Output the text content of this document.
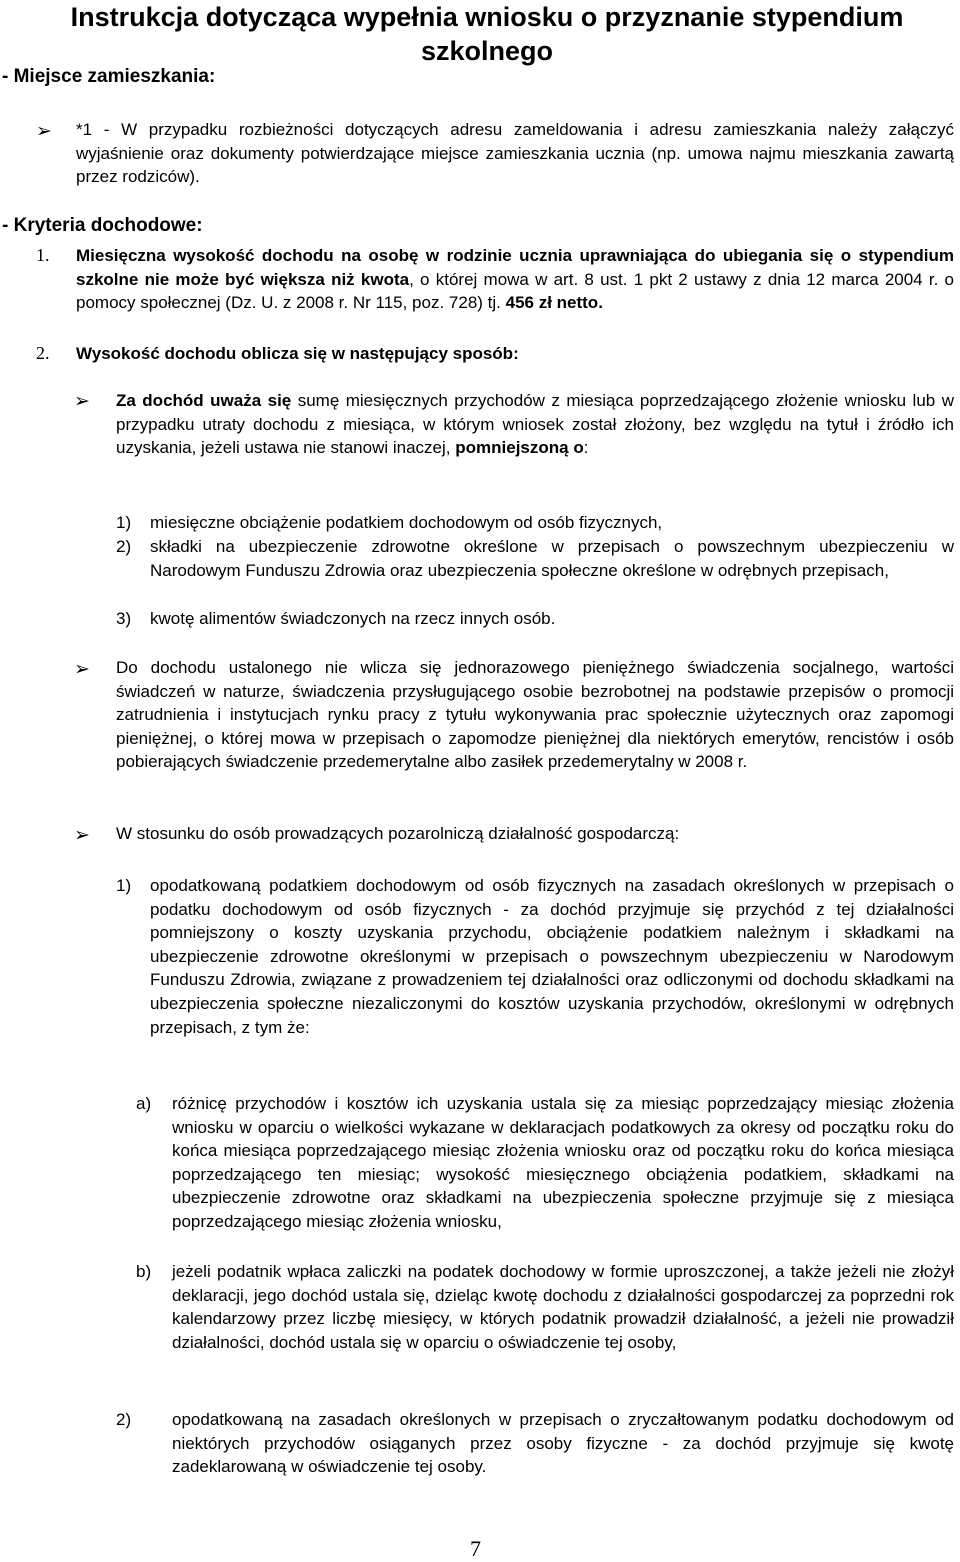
Instrukcja dotycząca wypełnia wniosku o przyznanie stypendium szkolnego
- Miejsce zamieszkania:
➢ *1 - W przypadku rozbieżności dotyczących adresu zameldowania i adresu zamieszkania należy załączyć wyjaśnienie oraz dokumenty potwierdzające miejsce zamieszkania ucznia (np. umowa najmu mieszkania zawartą przez rodziców).
- Kryteria dochodowe:
1. Miesięczna wysokość dochodu na osobę w rodzinie ucznia uprawniająca do ubiegania się o stypendium szkolne nie może być większa niż kwota, o której mowa w art. 8 ust. 1 pkt 2 ustawy z dnia 12 marca 2004 r. o pomocy społecznej (Dz. U. z 2008 r. Nr 115, poz. 728) tj. 456 zł netto.
2. Wysokość dochodu oblicza się w następujący sposób:
➢ Za dochód uważa się sumę miesięcznych przychodów z miesiąca poprzedzającego złożenie wniosku lub w przypadku utraty dochodu z miesiąca, w którym wniosek został złożony, bez względu na tytuł i źródło ich uzyskania, jeżeli ustawa nie stanowi inaczej, pomniejszoną o:
1) miesięczne obciążenie podatkiem dochodowym od osób fizycznych,
2) składki na ubezpieczenie zdrowotne określone w przepisach o powszechnym ubezpieczeniu w Narodowym Funduszu Zdrowia oraz ubezpieczenia społeczne określone w odrębnych przepisach,
3) kwotę alimentów świadczonych na rzecz innych osób.
➢ Do dochodu ustalonego nie wlicza się jednorazowego pieniężnego świadczenia socjalnego, wartości świadczeń w naturze, świadczenia przysługującego osobie bezrobotnej na podstawie przepisów o promocji zatrudnienia i instytucjach rynku pracy z tytułu wykonywania prac społecznie użytecznych oraz zapomogi pieniężnej, o której mowa w przepisach o zapomodze pieniężnej dla niektórych emerytów, rencistów i osób pobierających świadczenie przedemerytalne albo zasiłek przedemerytalny w 2008 r.
➢ W stosunku do osób prowadzących pozarolniczą działalność gospodarczą:
1) opodatkowaną podatkiem dochodowym od osób fizycznych na zasadach określonych w przepisach o podatku dochodowym od osób fizycznych - za dochód przyjmuje się przychód z tej działalności pomniejszony o koszty uzyskania przychodu, obciążenie podatkiem należnym i składkami na ubezpieczenie zdrowotne określonymi w przepisach o powszechnym ubezpieczeniu w Narodowym Funduszu Zdrowia, związane z prowadzeniem tej działalności oraz odliczonymi od dochodu składkami na ubezpieczenia społeczne niezaliczonymi do kosztów uzyskania przychodów, określonymi w odrębnych przepisach, z tym że:
a) różnicę przychodów i kosztów ich uzyskania ustala się za miesiąc poprzedzający miesiąc złożenia wniosku w oparciu o wielkości wykazane w deklaracjach podatkowych za okresy od początku roku do końca miesiąca poprzedzającego miesiąc złożenia wniosku oraz od początku roku do końca miesiąca poprzedzającego ten miesiąc; wysokość miesięcznego obciążenia podatkiem, składkami na ubezpieczenie zdrowotne oraz składkami na ubezpieczenia społeczne przyjmuje się z miesiąca poprzedzającego miesiąc złożenia wniosku,
b) jeżeli podatnik wpłaca zaliczki na podatek dochodowy w formie uproszczonej, a także jeżeli nie złożył deklaracji, jego dochód ustala się, dzieląc kwotę dochodu z działalności gospodarczej za poprzedni rok kalendarzowy przez liczbę miesięcy, w których podatnik prowadził działalność, a jeżeli nie prowadził działalności, dochód ustala się w oparciu o oświadczenie tej osoby,
2) opodatkowaną na zasadach określonych w przepisach o zryczałtowanym podatku dochodowym od niektórych przychodów osiąganych przez osoby fizyczne - za dochód przyjmuje się kwotę zadeklarowaną w oświadczenie tej osoby.
7
